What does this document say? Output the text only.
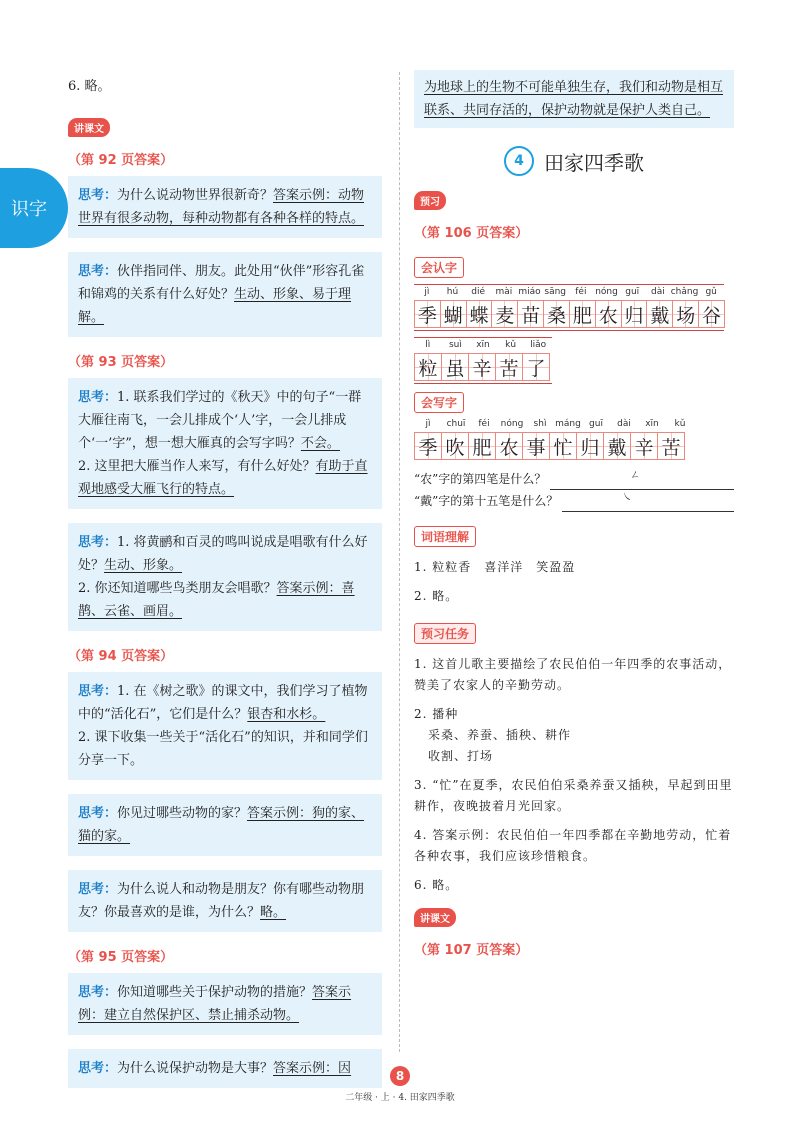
识字
6. 略。
讲课文
（第 92 页答案）
思考：为什么说动物世界很新奇？答案示例：动物世界有很多动物，每种动物都有各种各样的特点。
思考：伙伴指同伴、朋友。此处用“伙伴”形容孔雀和锦鸡的关系有什么好处？生动、形象、易于理解。
（第 93 页答案）
思考：1. 联系我们学过的《秋天》中的句子“一群大雁往南飞，一会儿排成个‘人’字，一会儿排成个‘一’字”，想一想大雁真的会写字吗？不会。
2. 这里把大雁当作人来写，有什么好处？有助于直观地感受大雁飞行的特点。
思考：1. 将黄鹂和百灵的鸣叫说成是唱歌有什么好处？生动、形象。
2. 你还知道哪些鸟类朋友会唱歌？答案示例：喜鹊、云雀、画眉。
（第 94 页答案）
思考：1. 在《树之歌》的课文中，我们学习了植物中的“活化石”，它们是什么？银杏和水杉。
2. 课下收集一些关于“活化石”的知识，并和同学们分享一下。
思考：你见过哪些动物的家？答案示例：狗的家、猫的家。
思考：为什么说人和动物是朋友？你有哪些动物朋友？你最喜欢的是谁，为什么？略。
（第 95 页答案）
思考：你知道哪些关于保护动物的措施？答案示例：建立自然保护区、禁止捕杀动物。
思考：为什么说保护动物是大事？答案示例：因
为地球上的生物不可能单独生存，我们和动物是相互联系、共同存活的，保护动物就是保护人类自己。
4	田家四季歌
预习
（第 106 页答案）
会认字
jì	hú	dié	mài miáo sāng	féi nóng guī	dài chǎng gǔ
季 蝴 蝶 麦 苗 桑 肥 农 归 戴 场 谷
lì	suì	xīn	kǔ	liǎo
粒 虽 辛 苦 了
会写字
jì	chuī	féi	nóng	shì máng guī	dài	xīn	kǔ
季 吹 肥 农 事 忙 归 戴 辛 苦
“农”字的第四笔是什么？	ㄥ
“戴”字的第十五笔是什么？	㇏
词语理解
1. 粒粒香　喜洋洋　笑盈盈
2. 略。
预习任务
1. 这首儿歌主要描绘了农民伯伯一年四季的农事活动，赞美了农家人的辛勤劳动。
2. 播种
采桑、养蚕、插秧、耕作
收割、打场
3. “忙”在夏季，农民伯伯采桑养蚕又插秧，早起到田里耕作，夜晚披着月光回家。
4. 答案示例：农民伯伯一年四季都在辛勤地劳动，忙着各种农事，我们应该珍惜粮食。
6. 略。
讲课文
（第 107 页答案）
8
二年级 · 上 · 4. 田家四季歌
